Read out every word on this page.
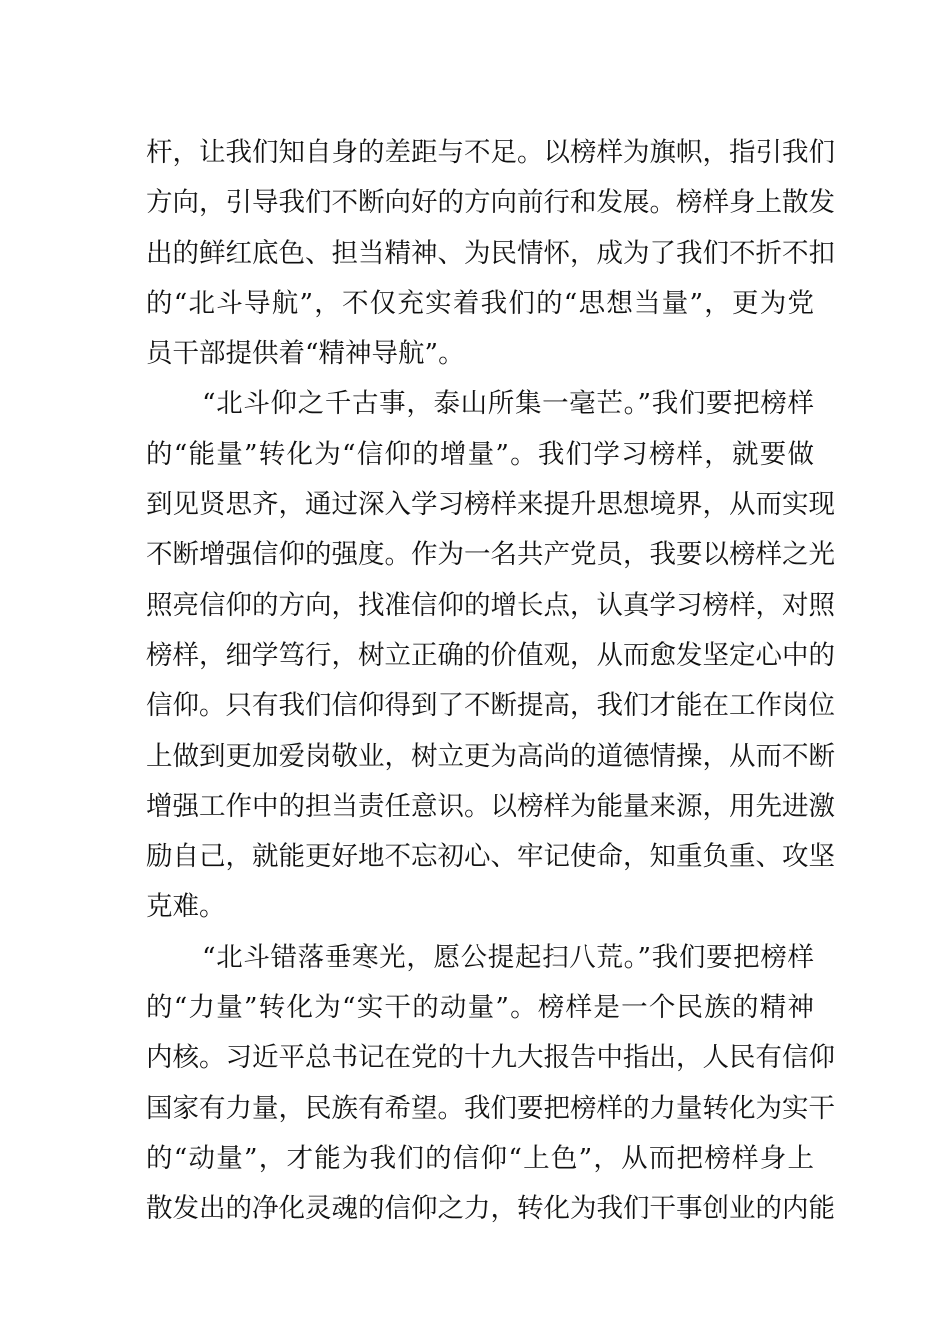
杆，让我们知自身的差距与不足。以榜样为旗帜，指引我们
方向，引导我们不断向好的方向前行和发展。榜样身上散发
出的鲜红底色、担当精神、为民情怀，成为了我们不折不扣
的“北斗导航”，不仅充实着我们的“思想当量”，更为党
员干部提供着“精神导航”。
“北斗仰之千古事，泰山所集一毫芒。”我们要把榜样
的“能量”转化为“信仰的增量”。我们学习榜样，就要做
到见贤思齐，通过深入学习榜样来提升思想境界，从而实现
不断增强信仰的强度。作为一名共产党员，我要以榜样之光
照亮信仰的方向，找准信仰的增长点，认真学习榜样，对照
榜样，细学笃行，树立正确的价值观，从而愈发坚定心中的
信仰。只有我们信仰得到了不断提高，我们才能在工作岗位
上做到更加爱岗敬业，树立更为高尚的道德情操，从而不断
增强工作中的担当责任意识。以榜样为能量来源，用先进激
励自己，就能更好地不忘初心、牢记使命，知重负重、攻坚
克难。
“北斗错落垂寒光，愿公提起扫八荒。”我们要把榜样
的“力量”转化为“实干的动量”。榜样是一个民族的精神
内核。习近平总书记在党的十九大报告中指出，人民有信仰
国家有力量，民族有希望。我们要把榜样的力量转化为实干
的“动量”，才能为我们的信仰“上色”，从而把榜样身上
散发出的净化灵魂的信仰之力，转化为我们干事创业的内能
